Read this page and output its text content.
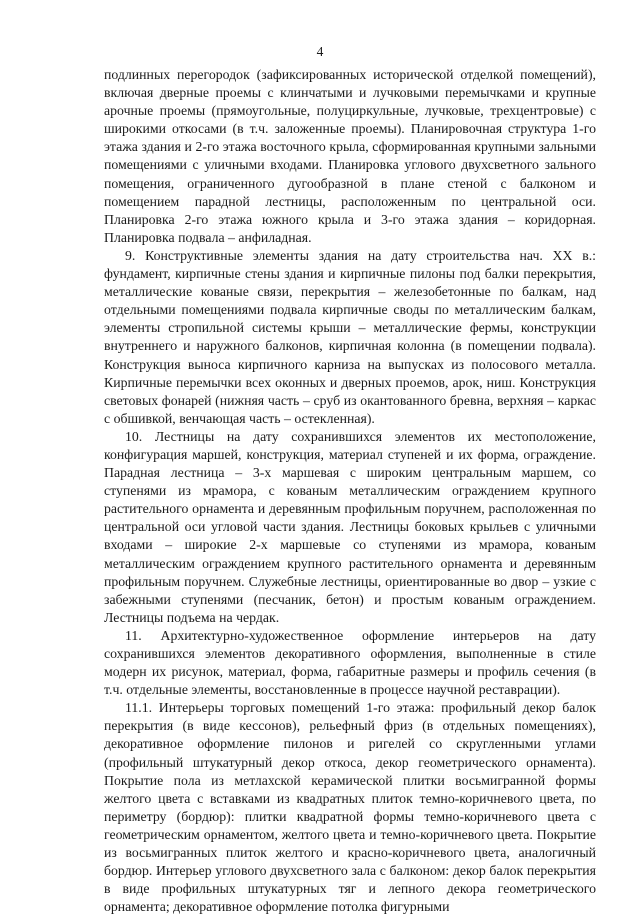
4

подлинных перегородок (зафиксированных исторической отделкой помещений), включая дверные проемы с клинчатыми и лучковыми перемычками и крупные арочные проемы (прямоугольные, полуциркульные, лучковые, трехцентровые) с широкими откосами (в т.ч. заложенные проемы). Планировочная структура 1-го этажа здания и 2-го этажа восточного крыла, сформированная крупными зальными помещениями с уличными входами. Планировка углового двухсветного зального помещения, ограниченного дугообразной в плане стеной с балконом и помещением парадной лестницы, расположенным по центральной оси. Планировка 2-го этажа южного крыла и 3-го этажа здания – коридорная. Планировка подвала – анфиладная.

9. Конструктивные элементы здания на дату строительства нач. XX в.: фундамент, кирпичные стены здания и кирпичные пилоны под балки перекрытия, металлические кованые связи, перекрытия – железобетонные по балкам, над отдельными помещениями подвала кирпичные своды по металлическим балкам, элементы стропильной системы крыши – металлические фермы, конструкции внутреннего и наружного балконов, кирпичная колонна (в помещении подвала). Конструкция выноса кирпичного карниза на выпусках из полосового металла. Кирпичные перемычки всех оконных и дверных проемов, арок, ниш. Конструкция световых фонарей (нижняя часть – сруб из окантованного бревна, верхняя – каркас с обшивкой, венчающая часть – остекленная).

10. Лестницы на дату сохранившихся элементов их местоположение, конфигурация маршей, конструкция, материал ступеней и их форма, ограждение. Парадная лестница – 3-х маршевая с широким центральным маршем, со ступенями из мрамора, с кованым металлическим ограждением крупного растительного орнамента и деревянным профильным поручнем, расположенная по центральной оси угловой части здания. Лестницы боковых крыльев с уличными входами – широкие 2-х маршевые со ступенями из мрамора, кованым металлическим ограждением крупного растительного орнамента и деревянным профильным поручнем. Служебные лестницы, ориентированные во двор – узкие с забежными ступенями (песчаник, бетон) и простым кованым ограждением. Лестницы подъема на чердак.

11. Архитектурно-художественное оформление интерьеров на дату сохранившихся элементов декоративного оформления, выполненные в стиле модерн их рисунок, материал, форма, габаритные размеры и профиль сечения (в т.ч. отдельные элементы, восстановленные в процессе научной реставрации).

11.1. Интерьеры торговых помещений 1-го этажа: профильный декор балок перекрытия (в виде кессонов), рельефный фриз (в отдельных помещениях), декоративное оформление пилонов и ригелей со скругленными углами (профильный штукатурный декор откоса, декор геометрического орнамента). Покрытие пола из метлахской керамической плитки восьмигранной формы желтого цвета с вставками из квадратных плиток темно-коричневого цвета, по периметру (бордюр): плитки квадратной формы темно-коричневого цвета с геометрическим орнаментом, желтого цвета и темно-коричневого цвета. Покрытие из восьмигранных плиток желтого и красно-коричневого цвета, аналогичный бордюр. Интерьер углового двухсветного зала с балконом: декор балок перекрытия в виде профильных штукатурных тяг и лепного декора геометрического орнамента; декоративное оформление потолка фигурными
